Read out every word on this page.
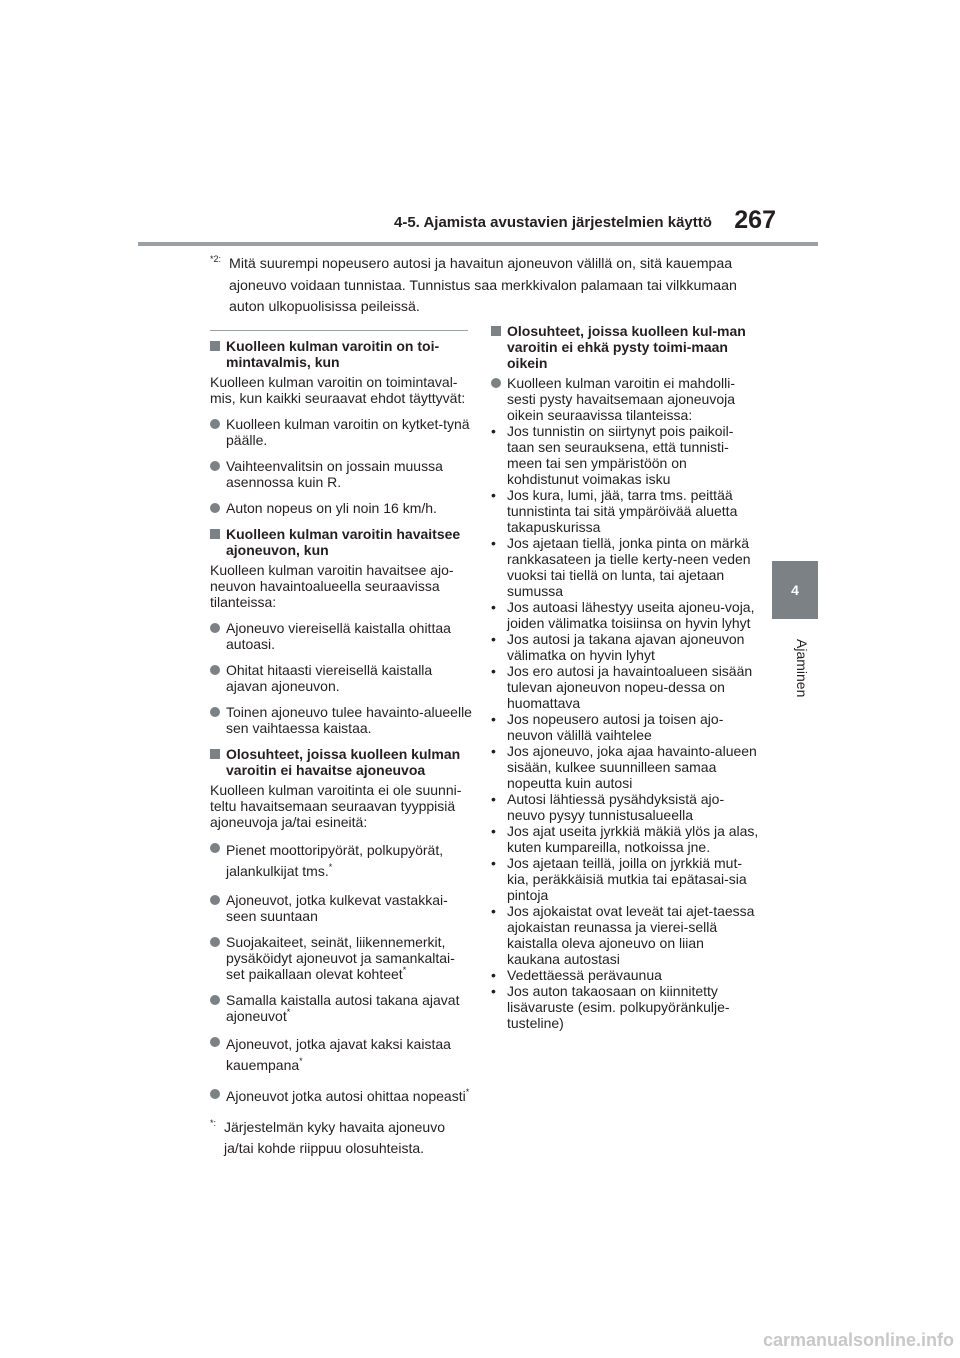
4-5. Ajamista avustavien järjestelmien käyttö 267
4
Ajaminen
$^{*2:}$ Mitä suurempi nopeusero autosi ja havaitun ajoneuvon välillä on, sitä kauempaa ajoneuvo voidaan tunnistaa. Tunnistus saa merkkivalon palamaan tai vilkkumaan auton ulkopuolisissa peileissä.
Kuolleen kulman varoitin on toi-mintavalmis, kun
Kuolleen kulman varoitin on toimintaval-mis, kun kaikki seuraavat ehdot täyttyvät:
Kuolleen kulman varoitin on kytket-tynä päälle.
Vaihteenvalitsin on jossain muussa asennossa kuin R.
Auton nopeus on yli noin 16 km/h.
Kuolleen kulman varoitin havaitsee ajoneuvon, kun
Kuolleen kulman varoitin havaitsee ajo-neuvon havaintoalueella seuraavissa tilanteissa:
Ajoneuvo viereisellä kaistalla ohittaa autoasi.
Ohitat hitaasti viereisellä kaistalla ajavan ajoneuvon.
Toinen ajoneuvo tulee havainto-alueelle sen vaihtaessa kaistaa.
Olosuhteet, joissa kuolleen kulman varoitin ei havaitse ajoneuvoa
Kuolleen kulman varoitinta ei ole suunni-teltu havaitsemaan seuraavan tyyppisiä ajoneuvoja ja/tai esineitä:
Pienet moottoripyörät, polkupyörät, jalankulkijat tms.*
Ajoneuvot, jotka kulkevat vastakkai-seen suuntaan
Suojakaiteet, seinät, liikennemerkit, pysäköidyt ajoneuvot ja samankaltai-set paikallaan olevat kohteet*
Samalla kaistalla autosi takana ajavat ajoneuvot*
Ajoneuvot, jotka ajavat kaksi kaistaa kauempana*
Ajoneuvot jotka autosi ohittaa nopeasti*
*: Järjestelmän kyky havaita ajoneuvo ja/tai kohde riippuu olosuhteista.
Olosuhteet, joissa kuolleen kul-man varoitin ei ehkä pysty toimi-maan oikein
Kuolleen kulman varoitin ei mahdolli-sesti pysty havaitsemaan ajoneuvoja oikein seuraavissa tilanteissa:
• Jos tunnistin on siirtynyt pois paikoil-taan sen seurauksena, että tunnisti-meen tai sen ympäristöön on kohdistunut voimakas isku
• Jos kura, lumi, jää, tarra tms. peittää tunnistinta tai sitä ympäröivää aluetta takapuskurissa
• Jos ajetaan tiellä, jonka pinta on märkä rankkasateen ja tielle kerty-neen veden vuoksi tai tiellä on lunta, tai ajetaan sumussa
• Jos autoasi lähestyy useita ajoneu-voja, joiden välimatka toisiinsa on hyvin lyhyt
• Jos autosi ja takana ajavan ajoneuvon välimatka on hyvin lyhyt
• Jos ero autosi ja havaintoalueen sisään tulevan ajoneuvon nopeu-dessa on huomattava
• Jos nopeusero autosi ja toisen ajo-neuvon välillä vaihtelee
• Jos ajoneuvo, joka ajaa havainto-alueen sisään, kulkee suunnilleen samaa nopeutta kuin autosi
• Autosi lähtiessä pysähdyksistä ajo-neuvo pysyy tunnistusalueella
• Jos ajat useita jyrkkiä mäkiä ylös ja alas, kuten kumpareilla, notkoissa jne.
• Jos ajetaan teillä, joilla on jyrkkiä mut-kia, peräkkäisiä mutkia tai epätasai-sia pintoja
• Jos ajokaistat ovat leveät tai ajet-taessa ajokaistan reunassa ja vierei-sellä kaistalla oleva ajoneuvo on liian kaukana autostasi
• Vedettäessä perävaunua
• Jos auton takaosaan on kiinnitetty lisävaruste (esim. polkupyöränkulje-tusteline)
carmanualsonline.info
